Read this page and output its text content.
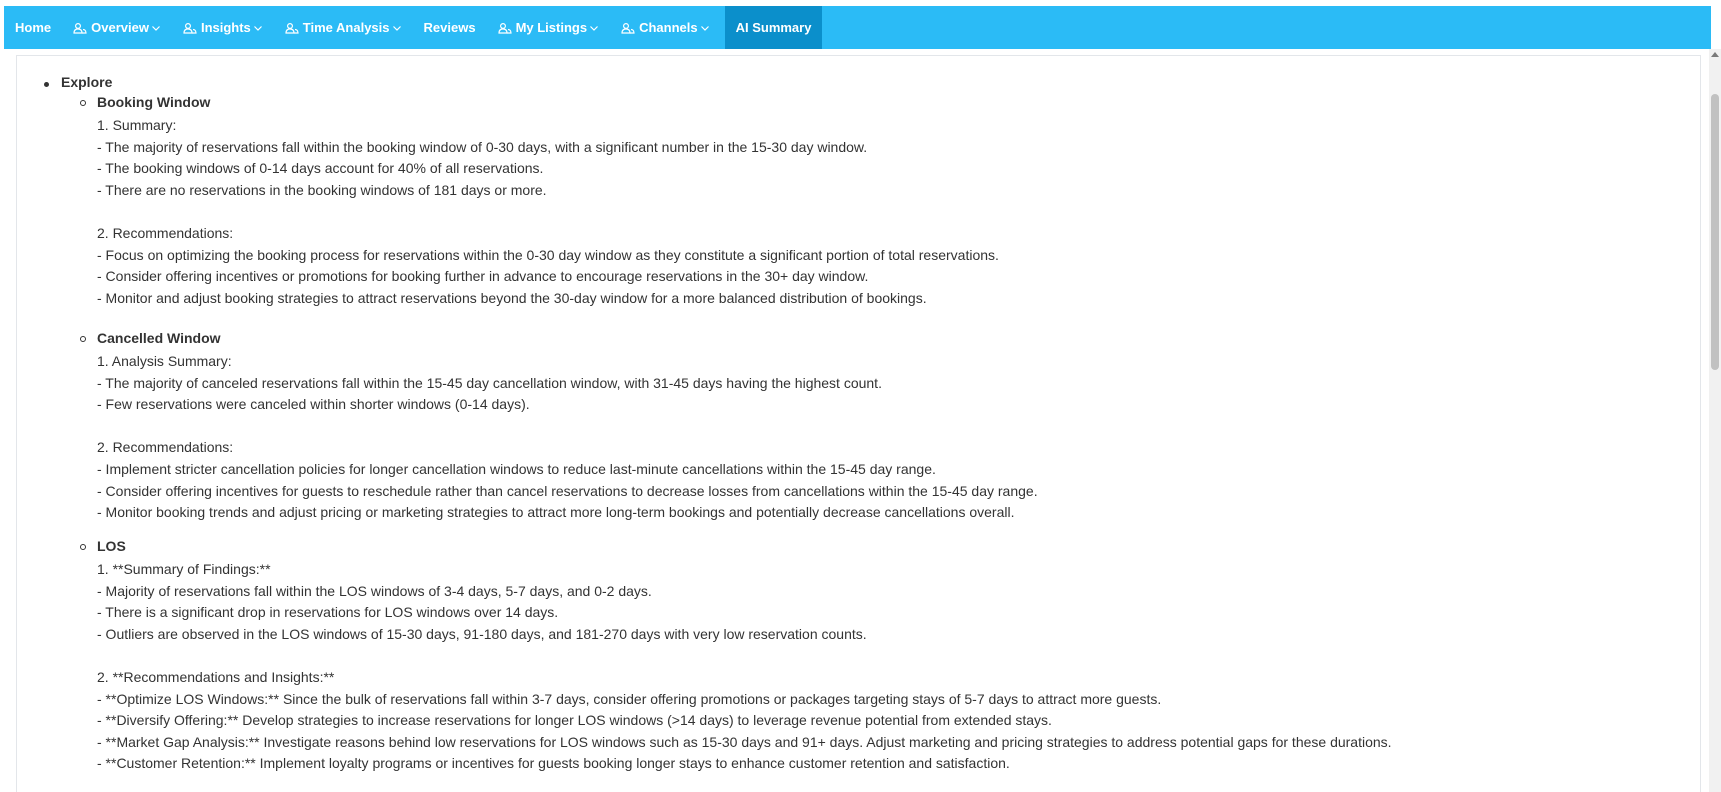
Home	Overview	Insights	Time Analysis	Reviews	My Listings	Channels	AI Summary
Explore
Booking Window
1. Summary:
- The majority of reservations fall within the booking window of 0-30 days, with a significant number in the 15-30 day window.
- The booking windows of 0-14 days account for 40% of all reservations.
- There are no reservations in the booking windows of 181 days or more.
2. Recommendations:
- Focus on optimizing the booking process for reservations within the 0-30 day window as they constitute a significant portion of total reservations.
- Consider offering incentives or promotions for booking further in advance to encourage reservations in the 30+ day window.
- Monitor and adjust booking strategies to attract reservations beyond the 30-day window for a more balanced distribution of bookings.
Cancelled Window
1. Analysis Summary:
- The majority of canceled reservations fall within the 15-45 day cancellation window, with 31-45 days having the highest count.
- Few reservations were canceled within shorter windows (0-14 days).
2. Recommendations:
- Implement stricter cancellation policies for longer cancellation windows to reduce last-minute cancellations within the 15-45 day range.
- Consider offering incentives for guests to reschedule rather than cancel reservations to decrease losses from cancellations within the 15-45 day range.
- Monitor booking trends and adjust pricing or marketing strategies to attract more long-term bookings and potentially decrease cancellations overall.
LOS
1. **Summary of Findings:**
- Majority of reservations fall within the LOS windows of 3-4 days, 5-7 days, and 0-2 days.
- There is a significant drop in reservations for LOS windows over 14 days.
- Outliers are observed in the LOS windows of 15-30 days, 91-180 days, and 181-270 days with very low reservation counts.
2. **Recommendations and Insights:**
- **Optimize LOS Windows:** Since the bulk of reservations fall within 3-7 days, consider offering promotions or packages targeting stays of 5-7 days to attract more guests.
- **Diversify Offering:** Develop strategies to increase reservations for longer LOS windows (>14 days) to leverage revenue potential from extended stays.
- **Market Gap Analysis:** Investigate reasons behind low reservations for LOS windows such as 15-30 days and 91+ days. Adjust marketing and pricing strategies to address potential gaps for these durations.
- **Customer Retention:** Implement loyalty programs or incentives for guests booking longer stays to enhance customer retention and satisfaction.
